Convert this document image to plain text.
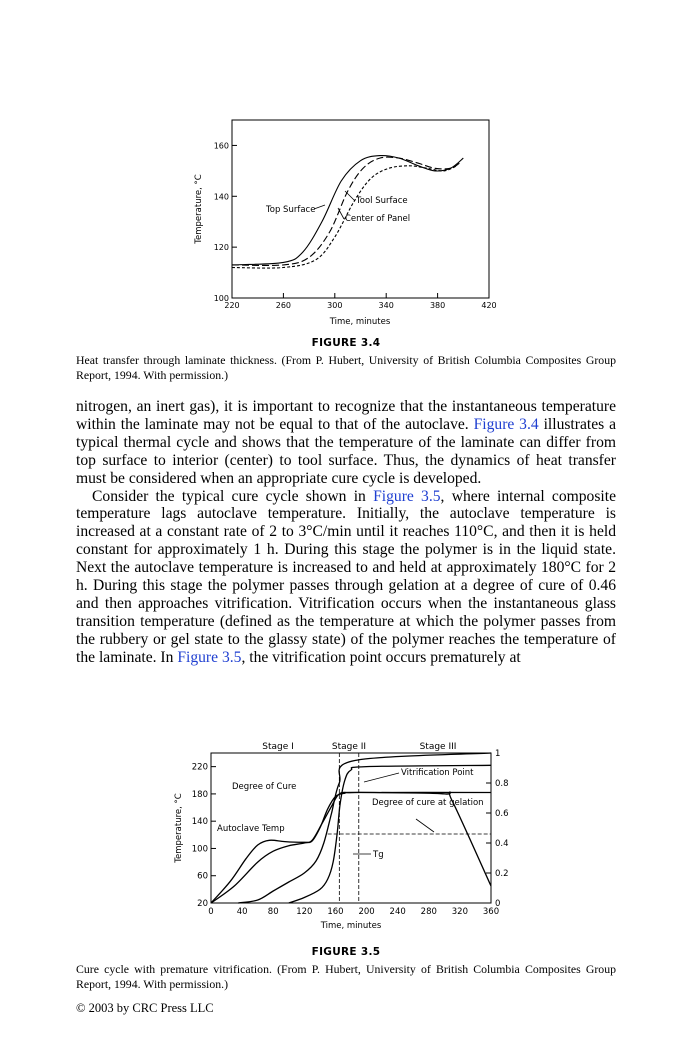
220	260	300	340	380	420
100
120
140
160
Top Surface
Tool Surface
Center of Panel
Time, minutes
Temperature, °C
FIGURE 3.4
Heat transfer through laminate thickness. (From P. Hubert, University of British Columbia Composites Group Report, 1994. With permission.)

nitrogen, an inert gas), it is important to recognize that the instantaneous temperature within the laminate may not be equal to that of the autoclave. Figure 3.4 illustrates a typical thermal cycle and shows that the temperature of the laminate can differ from top surface to interior (center) to tool surface. Thus, the dynamics of heat transfer must be considered when an appropriate cure cycle is developed.

Consider the typical cure cycle shown in Figure 3.5, where internal composite temperature lags autoclave temperature. Initially, the autoclave temperature is increased at a constant rate of 2 to 3°C/min until it reaches 110°C, and then it is held constant for approximately 1 h. During this stage the polymer is in the liquid state. Next the autoclave temperature is increased to and held at approximately 180°C for 2 h. During this stage the polymer passes through gelation at a degree of cure of 0.46 and then approaches vitrification. Vitrification occurs when the instantaneous glass transition temperature (defined as the temperature at which the polymer passes from the rubbery or gel state to the glassy state) of the polymer reaches the temperature of the laminate. In Figure 3.5, the vitrification point occurs prematurely at

0	40 80 120 160 200 240 280 320 360
20
60
100
140
180
220
0
0.2
0.4
0.6
0.8
1
Stage I	Stage II	Stage III
Vitrification Point
Degree of cure at gelation
Degree of Cure
Autoclave Temp
Tg
Time, minutes
Temperature, °C
FIGURE 3.5
Cure cycle with premature vitrification. (From P. Hubert, University of British Columbia Composites Group Report, 1994. With permission.)
© 2003 by CRC Press LLC
